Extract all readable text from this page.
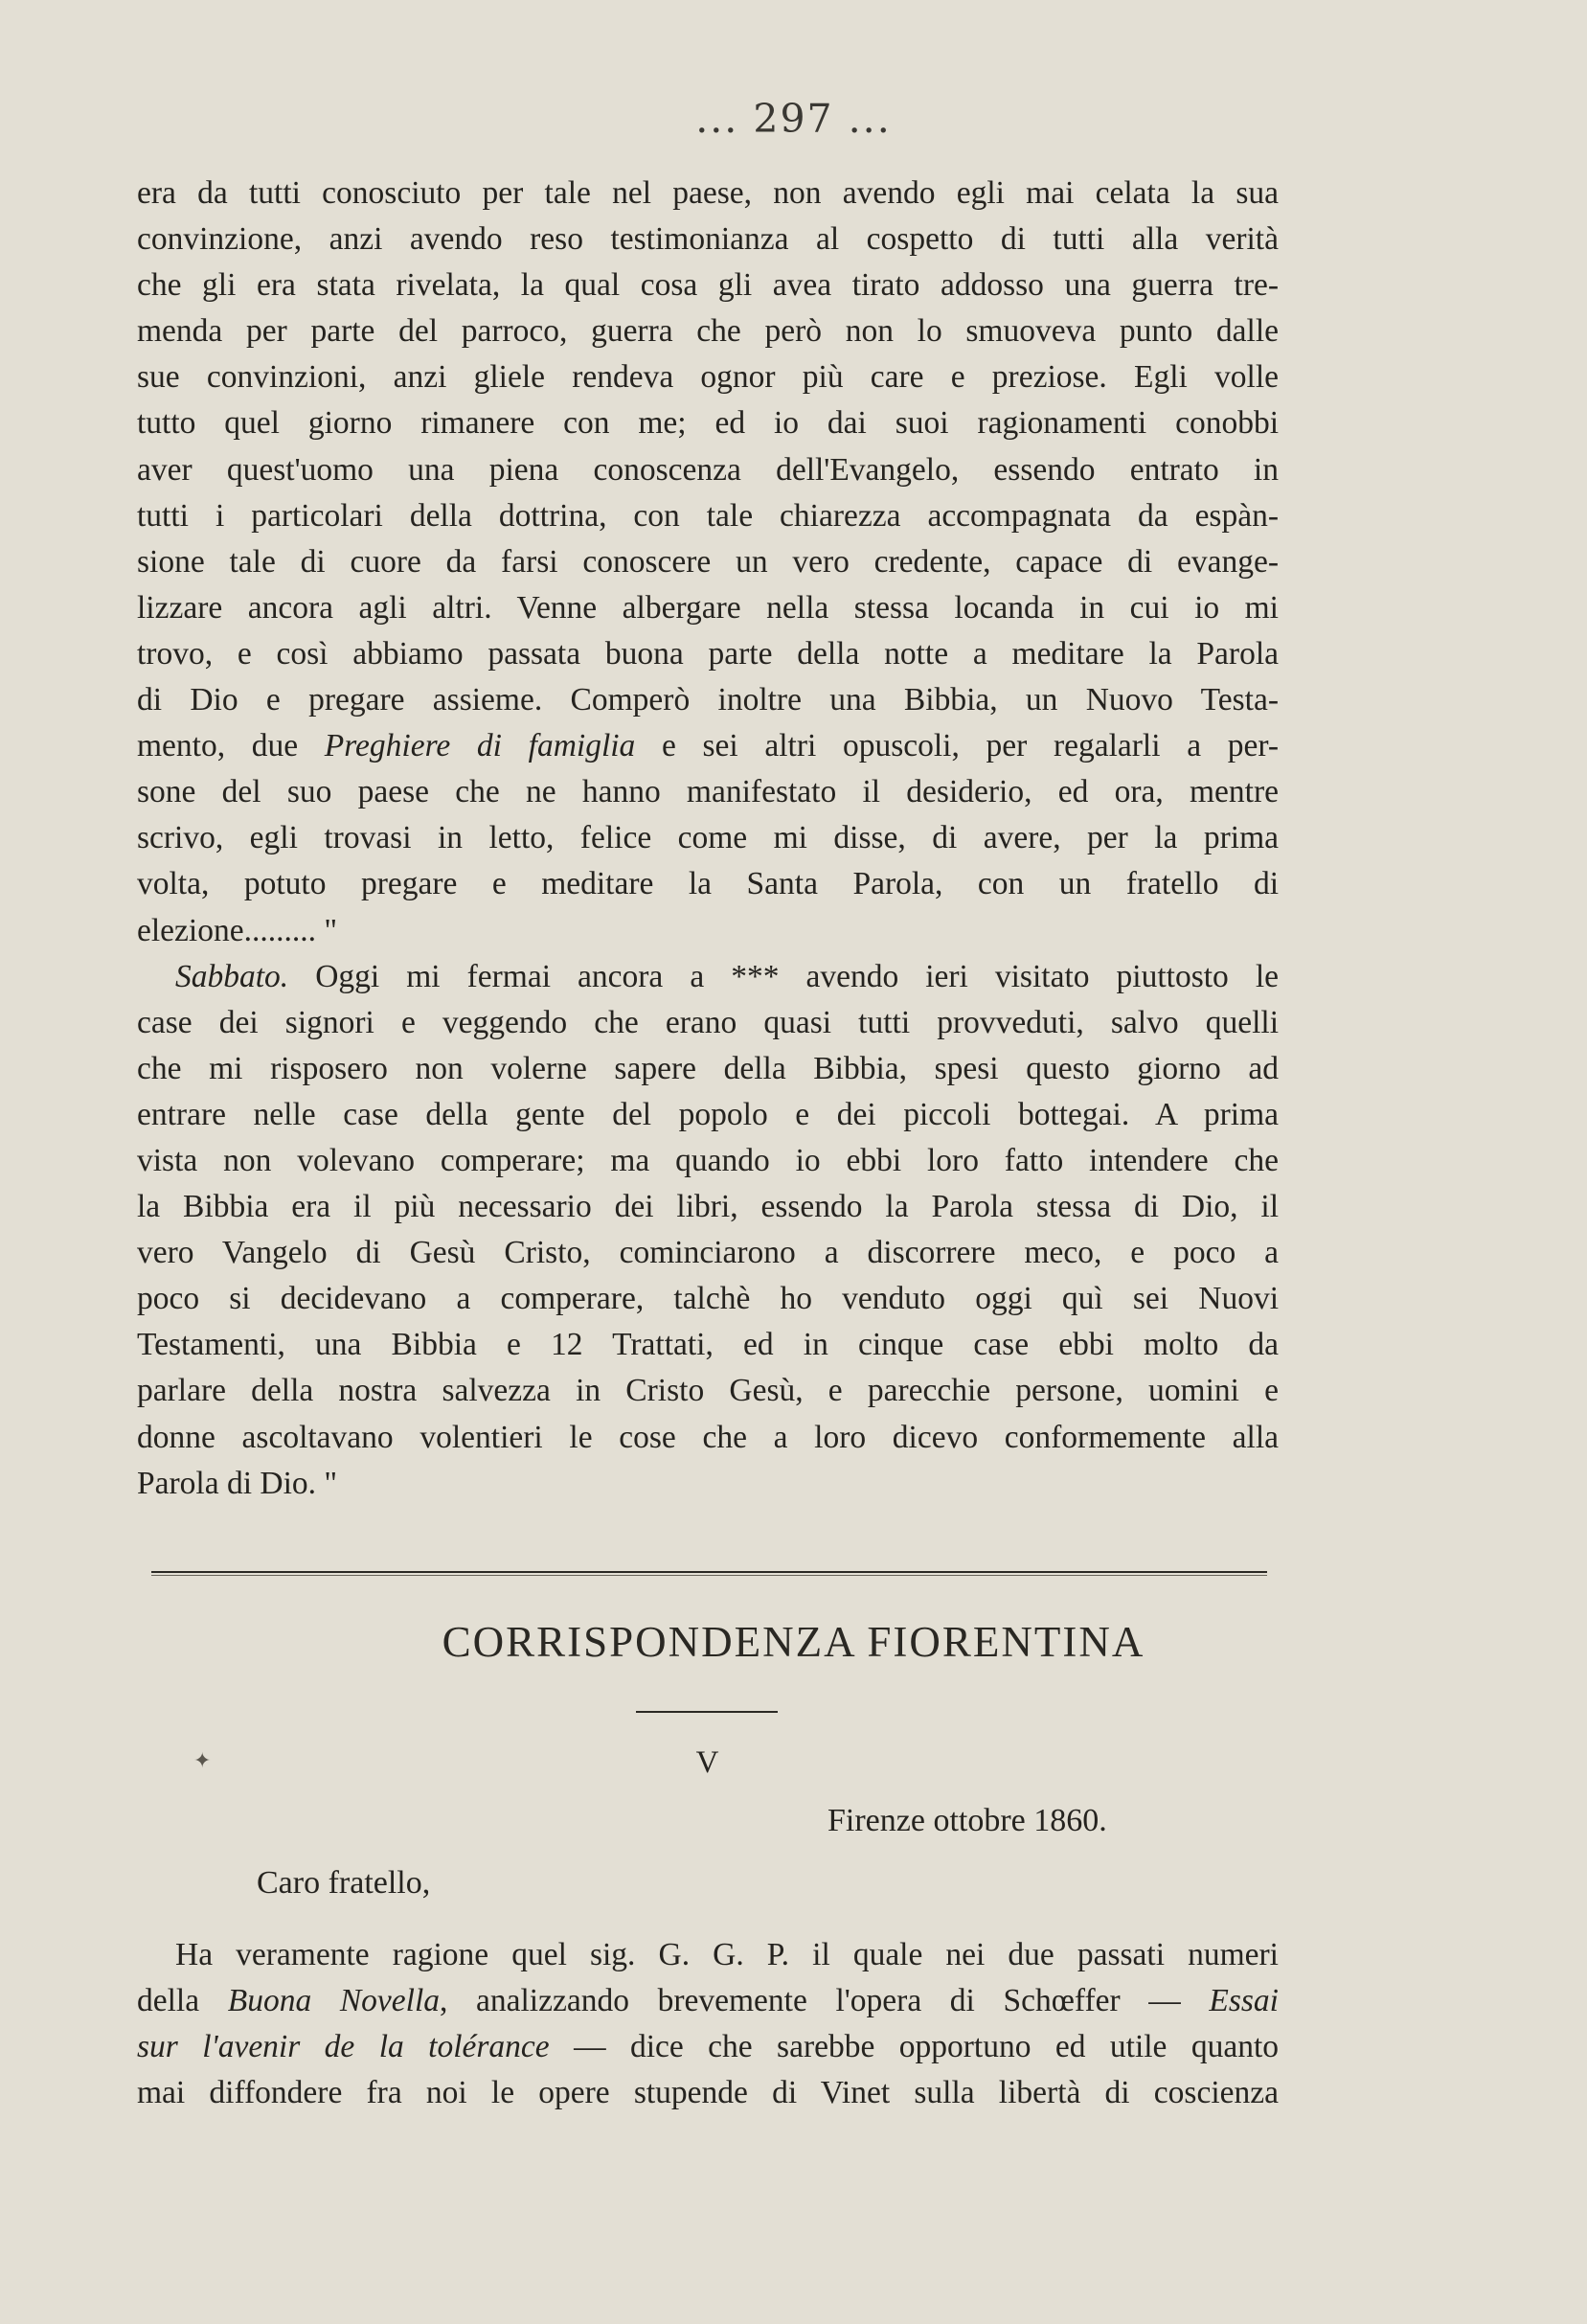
... 297 ...
era da tutti conosciuto per tale nel paese, non avendo egli mai celata la sua
convinzione, anzi avendo reso testimonianza al cospetto di tutti alla verità
che gli era stata rivelata, la qual cosa gli avea tirato addosso una guerra tre-
menda per parte del parroco, guerra che però non lo smuoveva punto dalle
sue convinzioni, anzi gliele rendeva ognor più care e preziose. Egli volle
tutto quel giorno rimanere con me; ed io dai suoi ragionamenti conobbi
aver quest'uomo una piena conoscenza dell'Evangelo, essendo entrato in
tutti i particolari della dottrina, con tale chiarezza accompagnata da espàn-
sione tale di cuore da farsi conoscere un vero credente, capace di evange-
lizzare ancora agli altri. Venne albergare nella stessa locanda in cui io mi
trovo, e così abbiamo passata buona parte della notte a meditare la Parola
di Dio e pregare assieme. Comperò inoltre una Bibbia, un Nuovo Testa-
mento, due Preghiere di famiglia e sei altri opuscoli, per regalarli a per-
sone del suo paese che ne hanno manifestato il desiderio, ed ora, mentre
scrivo, egli trovasi in letto, felice come mi disse, di avere, per la prima
volta, potuto pregare e meditare la Santa Parola, con un fratello di
elezione......... "
Sabbato. Oggi mi fermai ancora a *** avendo ieri visitato piuttosto le
case dei signori e veggendo che erano quasi tutti provveduti, salvo quelli
che mi risposero non volerne sapere della Bibbia, spesi questo giorno ad
entrare nelle case della gente del popolo e dei piccoli bottegai. A prima
vista non volevano comperare; ma quando io ebbi loro fatto intendere che
la Bibbia era il più necessario dei libri, essendo la Parola stessa di Dio, il
vero Vangelo di Gesù Cristo, cominciarono a discorrere meco, e poco a
poco si decidevano a comperare, talchè ho venduto oggi quì sei Nuovi
Testamenti, una Bibbia e 12 Trattati, ed in cinque case ebbi molto da
parlare della nostra salvezza in Cristo Gesù, e parecchie persone, uomini e
donne ascoltavano volentieri le cose che a loro dicevo conformemente alla
Parola di Dio. "
CORRISPONDENZA FIORENTINA
✦	V
Firenze ottobre 1860.
Caro fratello,
Ha veramente ragione quel sig. G. G. P. il quale nei due passati numeri
della Buona Novella, analizzando brevemente l'opera di Schœffer — Essai
sur l'avenir de la tolérance — dice che sarebbe opportuno ed utile quanto
mai diffondere fra noi le opere stupende di Vinet sulla libertà di coscienza
